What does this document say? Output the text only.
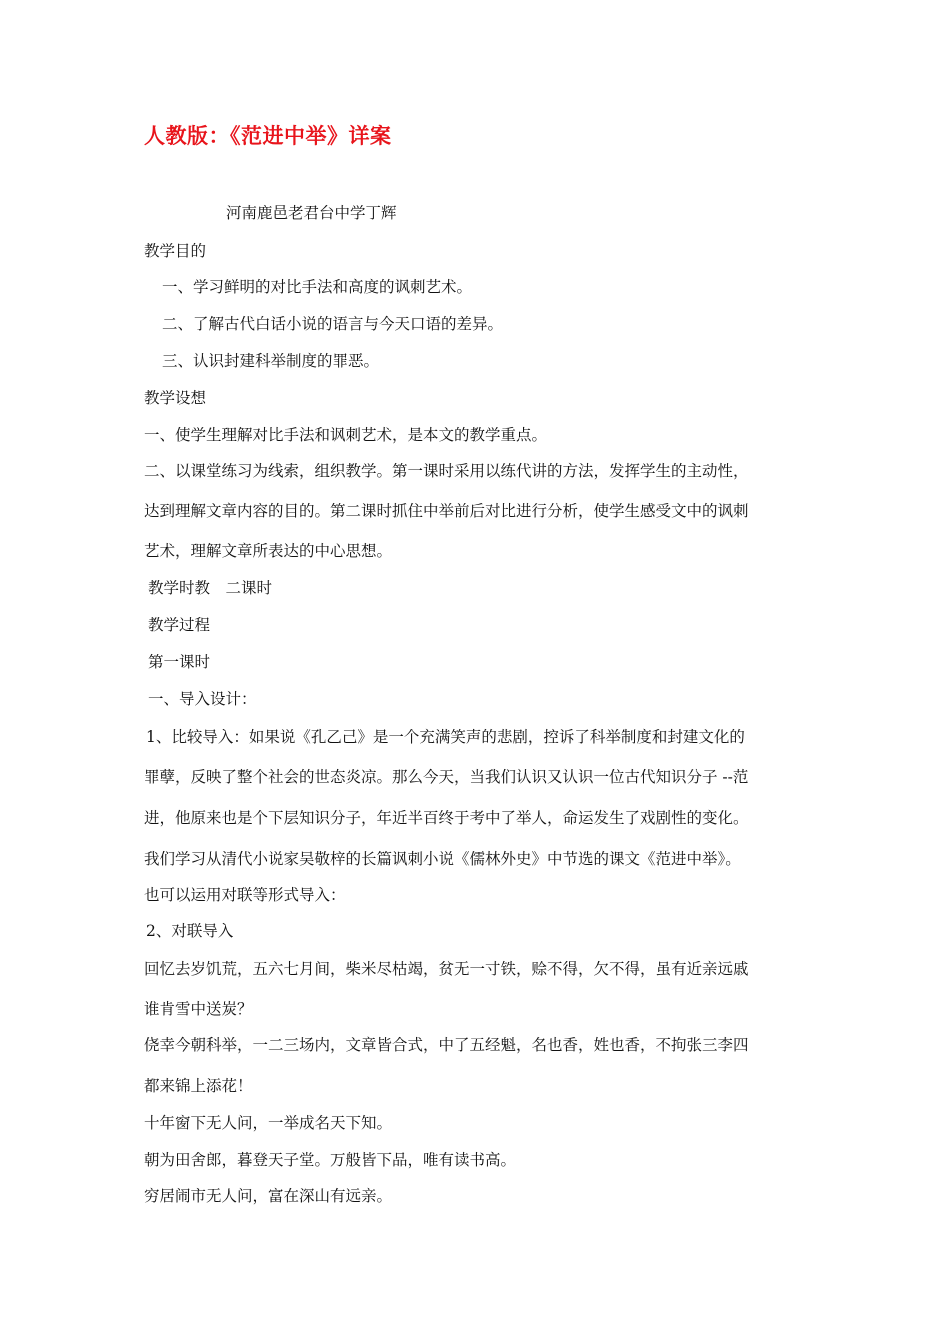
人教版：《范进中举》详案
河南鹿邑老君台中学丁辉
教学目的
一、学习鲜明的对比手法和高度的讽刺艺术。
二、了解古代白话小说的语言与今天口语的差异。
三、认识封建科举制度的罪恶。
教学设想
一、使学生理解对比手法和讽刺艺术，是本文的教学重点。
二、以课堂练习为线索，组织教学。第一课时采用以练代讲的方法，发挥学生的主动性，
达到理解文章内容的目的。第二课时抓住中举前后对比进行分析，使学生感受文中的讽刺
艺术，理解文章所表达的中心思想。
教学时教　二课时
教学过程
第一课时
一、导入设计：
1、比较导入：如果说《孔乙己》是一个充满笑声的悲剧，控诉了科举制度和封建文化的
罪孽，反映了整个社会的世态炎凉。那么今天，当我们认识又认识一位古代知识分子 --范
进，他原来也是个下层知识分子，年近半百终于考中了举人，命运发生了戏剧性的变化。
我们学习从清代小说家吴敬梓的长篇讽刺小说《儒林外史》中节选的课文《范进中举》。
也可以运用对联等形式导入：
2、对联导入
回忆去岁饥荒，五六七月间，柴米尽枯竭，贫无一寸铁，赊不得，欠不得，虽有近亲远戚
谁肯雪中送炭？
侥幸今朝科举，一二三场内，文章皆合式，中了五经魁，名也香，姓也香，不拘张三李四
都来锦上添花！
十年窗下无人问，一举成名天下知。
朝为田舍郎，暮登天子堂。万般皆下品，唯有读书高。
穷居闹市无人问，富在深山有远亲。
